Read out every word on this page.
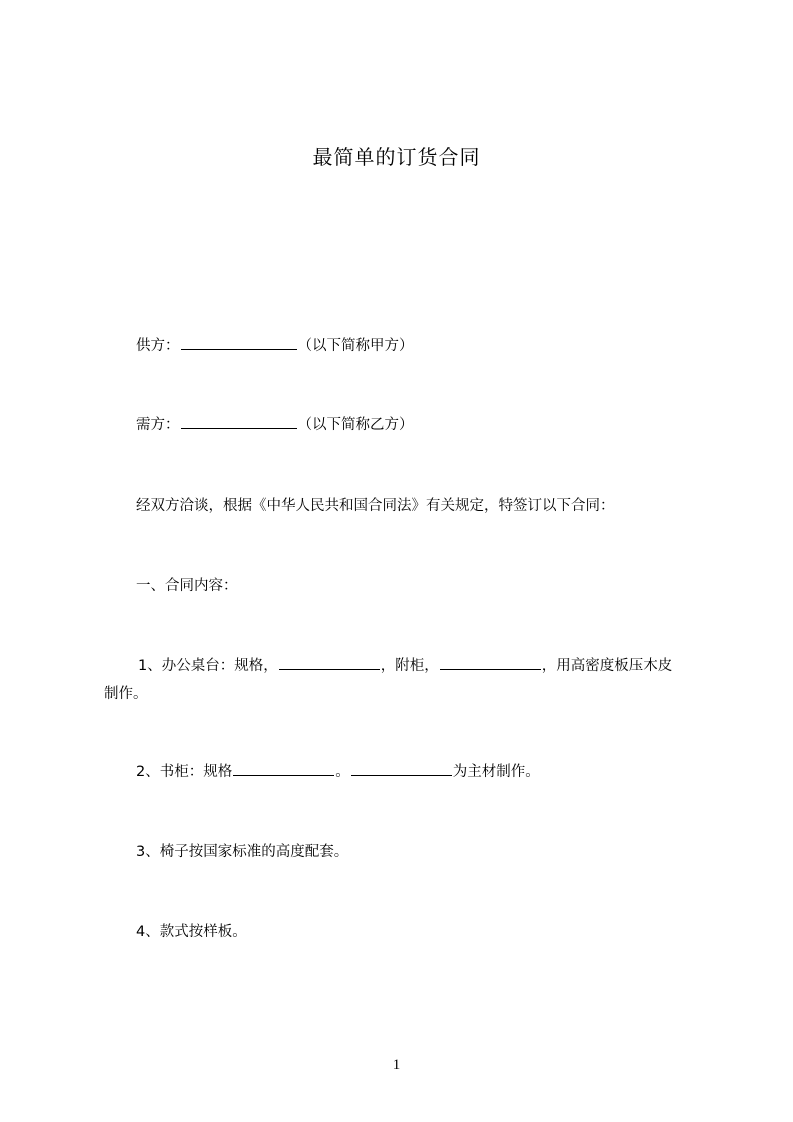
最简单的订货合同
供方：	（以下简称甲方）
需方：	（以下简称乙方）
经双方洽谈，根据《中华人民共和国合同法》有关规定，特签订以下合同：
一、合同内容：
1、办公桌台：规格，	，附柜，	，用高密度板压木皮
制作。
2、书柜：规格	。	为主材制作。
3、椅子按国家标准的高度配套。
4、款式按样板。
1
